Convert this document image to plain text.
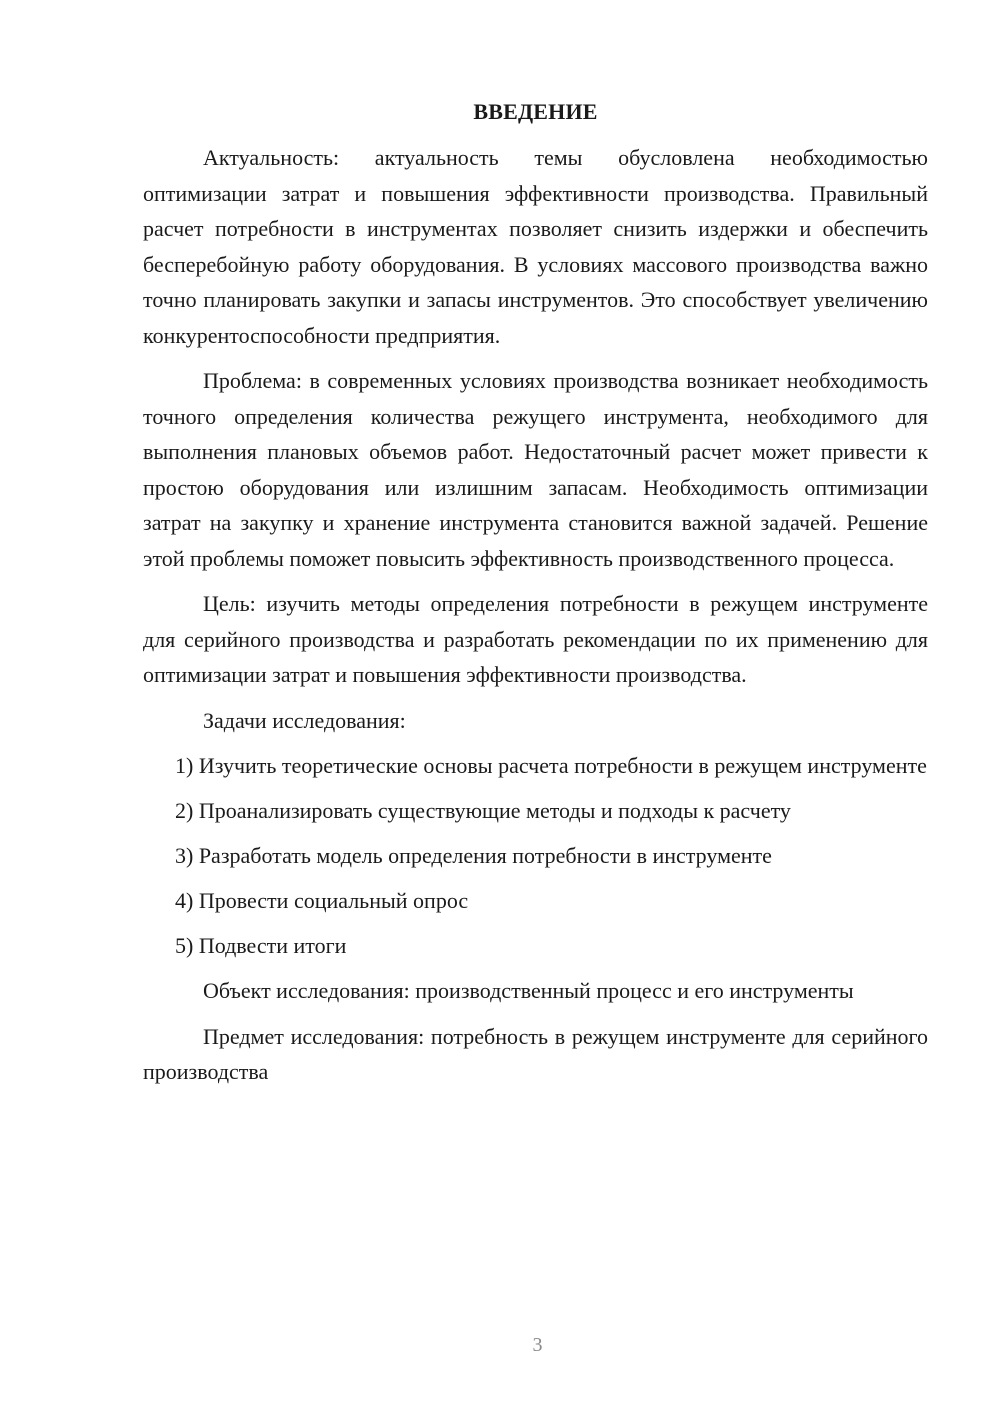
ВВЕДЕНИЕ

Актуальность: актуальность темы обусловлена необходимостью оптимизации затрат и повышения эффективности производства. Правильный расчет потребности в инструментах позволяет снизить издержки и обеспечить бесперебойную работу оборудования. В условиях массового производства важно точно планировать закупки и запасы инструментов. Это способствует увеличению конкурентоспособности предприятия.

Проблема: в современных условиях производства возникает необходимость точного определения количества режущего инструмента, необходимого для выполнения плановых объемов работ. Недостаточный расчет может привести к простою оборудования или излишним запасам. Необходимость оптимизации затрат на закупку и хранение инструмента становится важной задачей. Решение этой проблемы поможет повысить эффективность производственного процесса.

Цель: изучить методы определения потребности в режущем инструменте для серийного производства и разработать рекомендации по их применению для оптимизации затрат и повышения эффективности производства.

Задачи исследования:

1) Изучить теоретические основы расчета потребности в режущем инструменте

2) Проанализировать существующие методы и подходы к расчету

3) Разработать модель определения потребности в инструменте

4) Провести социальный опрос

5) Подвести итоги

Объект исследования: производственный процесс и его инструменты

Предмет исследования: потребность в режущем инструменте для серийного производства

3
